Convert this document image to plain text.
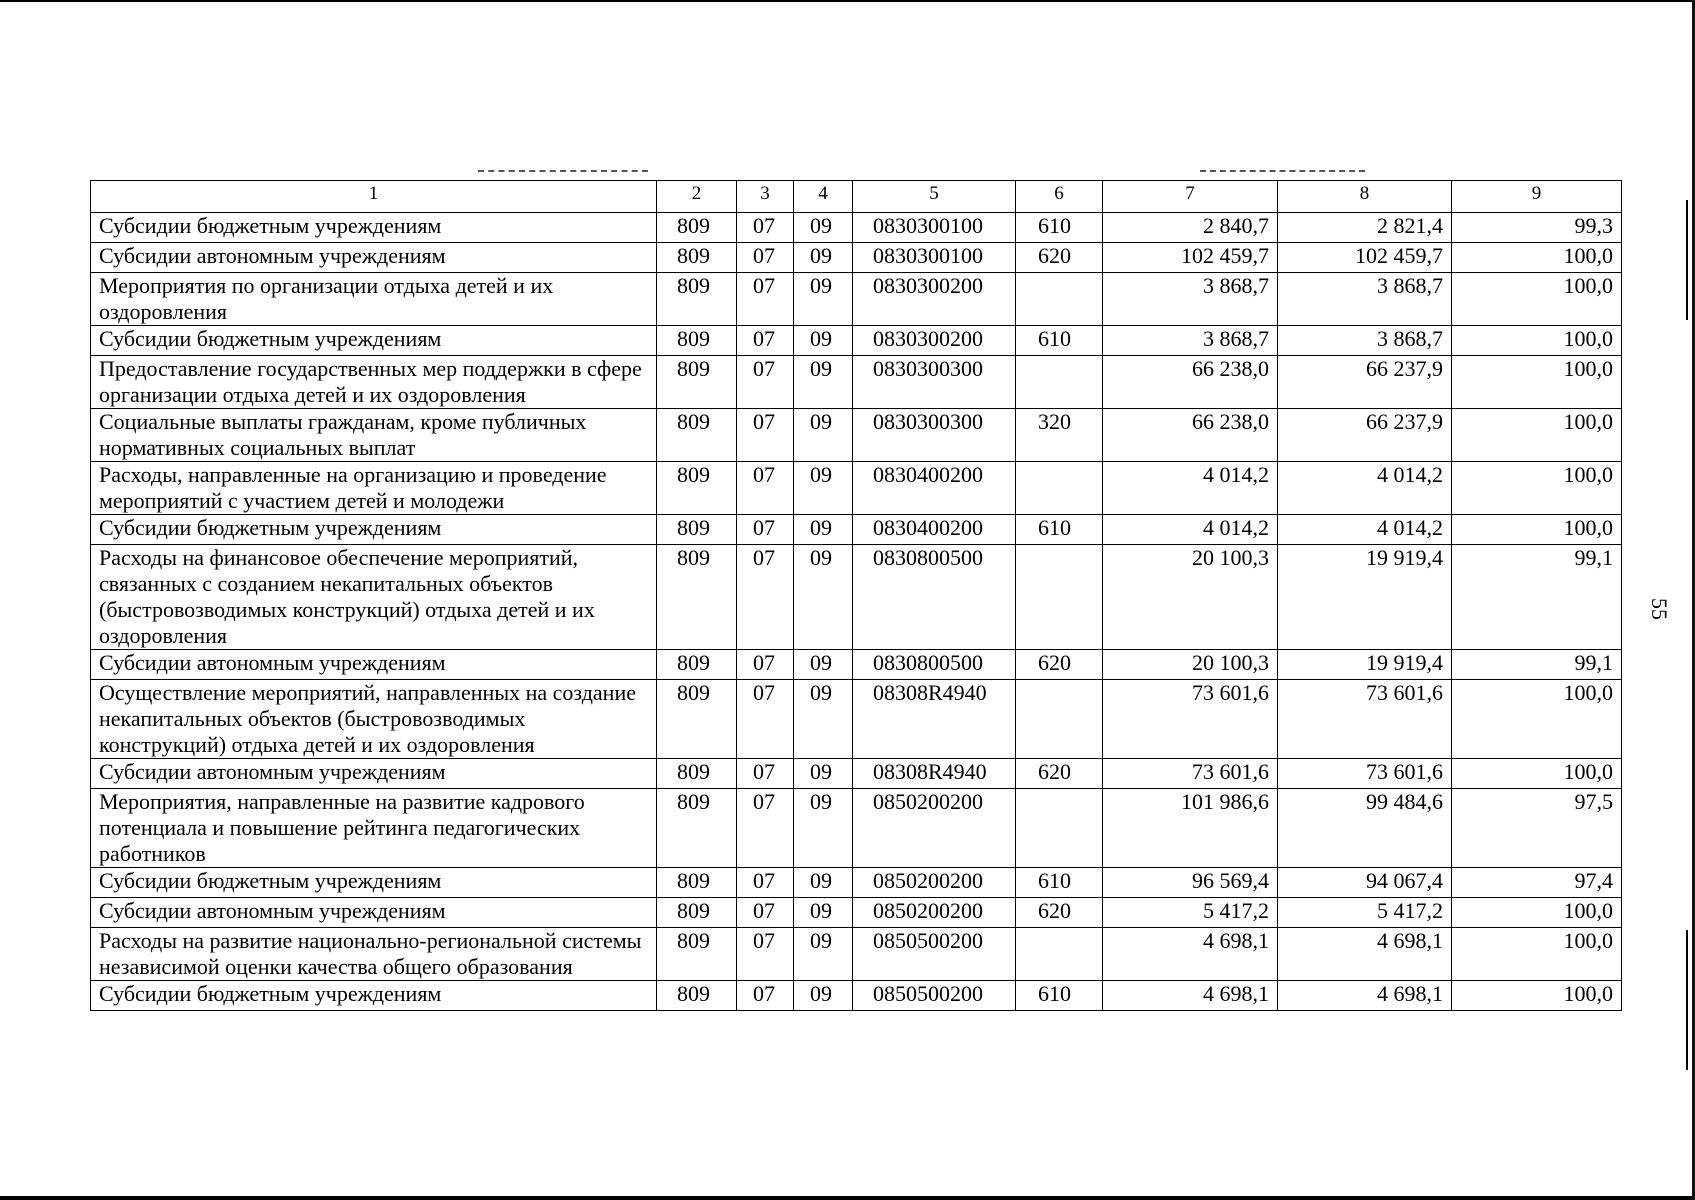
55
1	2	3	4	5	6	7	8	9
Субсидии бюджетным учреждениям	809	07	09	0830300100	610	2 840,7	2 821,4	99,3
Субсидии автономным учреждениям	809	07	09	0830300100	620	102 459,7	102 459,7	100,0
Мероприятия по организации отдыха детей и их оздоровления	809	07	09	0830300200		3 868,7	3 868,7	100,0
Субсидии бюджетным учреждениям	809	07	09	0830300200	610	3 868,7	3 868,7	100,0
Предоставление государственных мер поддержки в сфере организации отдыха детей и их оздоровления	809	07	09	0830300300		66 238,0	66 237,9	100,0
Социальные выплаты гражданам, кроме публичных нормативных социальных выплат	809	07	09	0830300300	320	66 238,0	66 237,9	100,0
Расходы, направленные на организацию и проведение мероприятий с участием детей и молодежи	809	07	09	0830400200		4 014,2	4 014,2	100,0
Субсидии бюджетным учреждениям	809	07	09	0830400200	610	4 014,2	4 014,2	100,0
Расходы на финансовое обеспечение мероприятий, связанных с созданием некапитальных объектов (быстровозводимых конструкций) отдыха детей и их оздоровления	809	07	09	0830800500		20 100,3	19 919,4	99,1
Субсидии автономным учреждениям	809	07	09	0830800500	620	20 100,3	19 919,4	99,1
Осуществление мероприятий, направленных на создание некапитальных объектов (быстровозводимых конструкций) отдыха детей и их оздоровления	809	07	09	08308R4940		73 601,6	73 601,6	100,0
Субсидии автономным учреждениям	809	07	09	08308R4940	620	73 601,6	73 601,6	100,0
Мероприятия, направленные на развитие кадрового потенциала и повышение рейтинга педагогических работников	809	07	09	0850200200		101 986,6	99 484,6	97,5
Субсидии бюджетным учреждениям	809	07	09	0850200200	610	96 569,4	94 067,4	97,4
Субсидии автономным учреждениям	809	07	09	0850200200	620	5 417,2	5 417,2	100,0
Расходы на развитие национально-региональной системы независимой оценки качества общего образования	809	07	09	0850500200		4 698,1	4 698,1	100,0
Субсидии бюджетным учреждениям	809	07	09	0850500200	610	4 698,1	4 698,1	100,0
